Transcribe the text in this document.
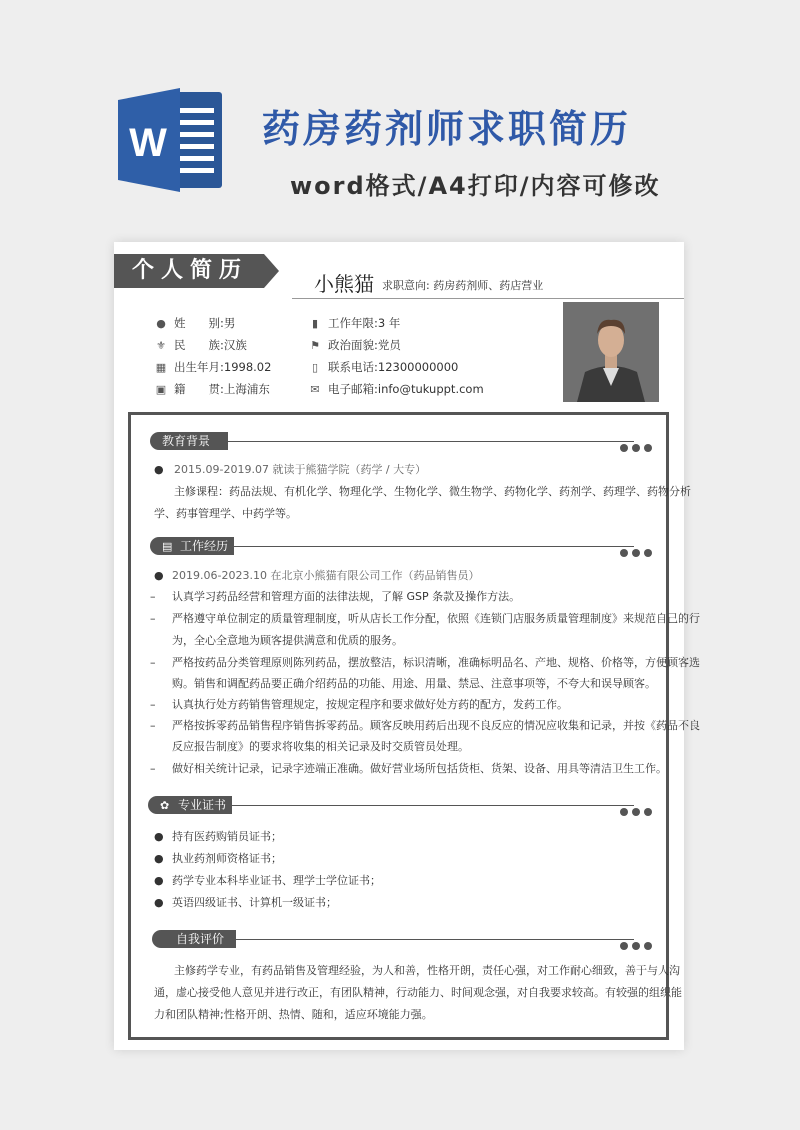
W	药房药剂师求职简历
word格式/A4打印/内容可修改
个人简历
小熊猫 求职意向: 药房药剂师、药店营业
● 姓　　别:男
⚜ 民　　族:汉族
▦ 出生年月:1998.02
▣ 籍　　贯:上海浦东
▮ 工作年限:3 年
⚑ 政治面貌:党员
▯ 联系电话:12300000000
✉ 电子邮箱:info@tukuppt.com
教育背景
● 2015.09-2019.07 就读于熊猫学院（药学 / 大专）
主修课程：药品法规、有机化学、物理化学、生物化学、微生物学、药物化学、药剂学、药理学、药物分析
学、药事管理学、中药学等。
▤ 工作经历
● 2019.06-2023.10 在北京小熊猫有限公司工作（药品销售员）
– 认真学习药品经营和管理方面的法律法规，了解 GSP 条款及操作方法。
– 严格遵守单位制定的质量管理制度，听从店长工作分配，依照《连锁门店服务质量管理制度》来规范自己的行
为，全心全意地为顾客提供满意和优质的服务。
– 严格按药品分类管理原则陈列药品，摆放整洁，标识清晰，准确标明品名、产地、规格、价格等，方便顾客选
购。销售和调配药品要正确介绍药品的功能、用途、用量、禁忌、注意事项等，不夸大和误导顾客。
– 认真执行处方药销售管理规定，按规定程序和要求做好处方药的配方，发药工作。
– 严格按拆零药品销售程序销售拆零药品。顾客反映用药后出现不良反应的情况应收集和记录，并按《药品不良
反应报告制度》的要求将收集的相关记录及时交质管员处理。
– 做好相关统计记录，记录字迹端正准确。做好营业场所包括货柜、货架、设备、用具等清洁卫生工作。
✿ 专业证书
● 持有医药购销员证书；
● 执业药剂师资格证书；
● 药学专业本科毕业证书、理学士学位证书；
● 英语四级证书、计算机一级证书；
自我评价
主修药学专业，有药品销售及管理经验，为人和善，性格开朗，责任心强，对工作耐心细致，善于与人沟
通，虚心接受他人意见并进行改正，有团队精神，行动能力、时间观念强，对自我要求较高。有较强的组织能
力和团队精神;性格开朗、热情、随和，适应环境能力强。
